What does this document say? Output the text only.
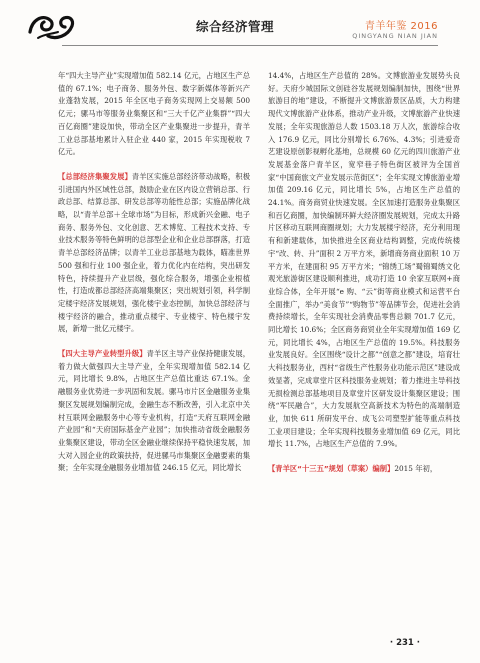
综合经济管理	青羊年鉴 2016
QINGYANG NIAN JIAN

年“四大主导产业”实现增加值 582.14 亿元，占地区生产总值的 67.1%；电子商务、服务外包、数字新媒体等新兴产业蓬勃发展，2015 年全区电子商务实现网上交易额 500 亿元；骡马市等服务业集聚区和“三大千亿产业集群”“四大百亿商圈”建设加快，带动全区产业集聚进一步提升，青羊工业总部基地累计入驻企业 440 家，2015 年实现税收 7 亿元。

【总部经济集聚发展】青羊区实施总部经济带动战略，积极引进国内外区域性总部，鼓励企业在区内设立营销总部、行政总部、结算总部、研发总部等功能性总部；实施品牌化战略，以“青羊总部＋全球市场”为目标，形成新兴金融、电子商务、服务外包、文化创意、艺术博览、工程技术支持、专业技术服务等特色鲜明的总部型企业和企业总部群落，打造青羊总部经济品牌；以青羊工业总部基地为载体，瞄准世界 500 强和行业 100 强企业，着力优化内在结构，突出研发特色，持续提升产业层级，强化综合服务，增强企业根植性，打造成都总部经济高端集聚区；突出规划引领，科学制定楼宇经济发展规划，强化楼宇业态控制，加快总部经济与楼宇经济的融合，推动重点楼宇、专业楼宇、特色楼宇发展，新增一批亿元楼宇。

【四大主导产业转型升级】青羊区主导产业保持健康发展，着力做大做强四大主导产业，全年实现增加值 582.14 亿元，同比增长 9.8%，占地区生产总值比重达 67.1%。金融服务业优势进一步巩固和发展。骡马市片区金融服务业集聚区发展规划编制完成，金融生态不断改善，引入北京中关村互联网金融服务中心等专业机构，打造“天府互联网金融产业园”和“天府国际基金产业园”；加快推动省级金融服务业集聚区建设，带动全区金融业继续保持平稳快速发展，加大对入园企业的政策扶持，促进骡马市集聚区金融要素的集聚；全年实现金融服务业增加值 246.15 亿元，同比增长

14.4%，占地区生产总值的 28%。文博旅游业发展势头良好。天府少城国际文创硅谷发展规划编制加快，围绕“世界旅游目的地”建设，不断提升文博旅游景区品质，大力构建现代文博旅游产业体系，推动产业升级，文博旅游产业快速发展；全年实现旅游总人数 1503.18 万人次，旅游综合收入 176.9 亿元，同比分别增长 6.76%、4.3%；引进爱奇艺建设原创影视孵化基地，总规模 60 亿元的四川旅游产业发展基金落户青羊区，宽窄巷子特色街区被评为全国首家“中国商旅文产业发展示范街区”；全年实现文博旅游业增加值 209.16 亿元，同比增长 5%，占地区生产总值的 24.1%。商务商贸业快速发展。全区加速打造服务业集聚区和百亿商圈，加快编制环鲜大经济圈发展规划，完成太升路片区移动互联网商圈规划；大力发展楼宇经济，充分利用现有和新建载体，加快推进全区商业结构调整，完成传统楼宇“改、转、升”面积 2 万平方米，新增商务商业面积 10 万平方米，在建面积 95 万平方米；“锦绣工场”蜀锦蜀绣文化观光旅游街区建设顺利推进，成功打造 10 余家互联网+商业综合体，全年开展“e 购、“云”街等商业模式和运营平台全面推广，举办“美食节”“购物节”等品牌节会，促进社会消费持续增长，全年实现社会消费品零售总额 701.7 亿元，同比增长 10.6%；全区商务商贸业全年实现增加值 169 亿元，同比增长 4%，占地区生产总值的 19.5%。科技服务业发展良好。全区围绕“设计之都”“创意之都”建设，培育壮大科技服务业，西村“省级生产性服务业功能示范区”建设成效显著，完成章堂片区科技服务业规划；着力推进主导科技无损检测总部基地项目及章堂片区研发设计集聚区建设；围绕“军民融合”，大力发展航空高新技术为特色的高端制造业，加快 611 所研发平台、成飞公司塑型扩能等重点科技工业项目建设；全年实现科技服务业增加值 69 亿元，同比增长 11.7%，占地区生产总值的 7.9%。

【青羊区“十三五”规划（草案）编制】2015 年初，

· 231 ·
